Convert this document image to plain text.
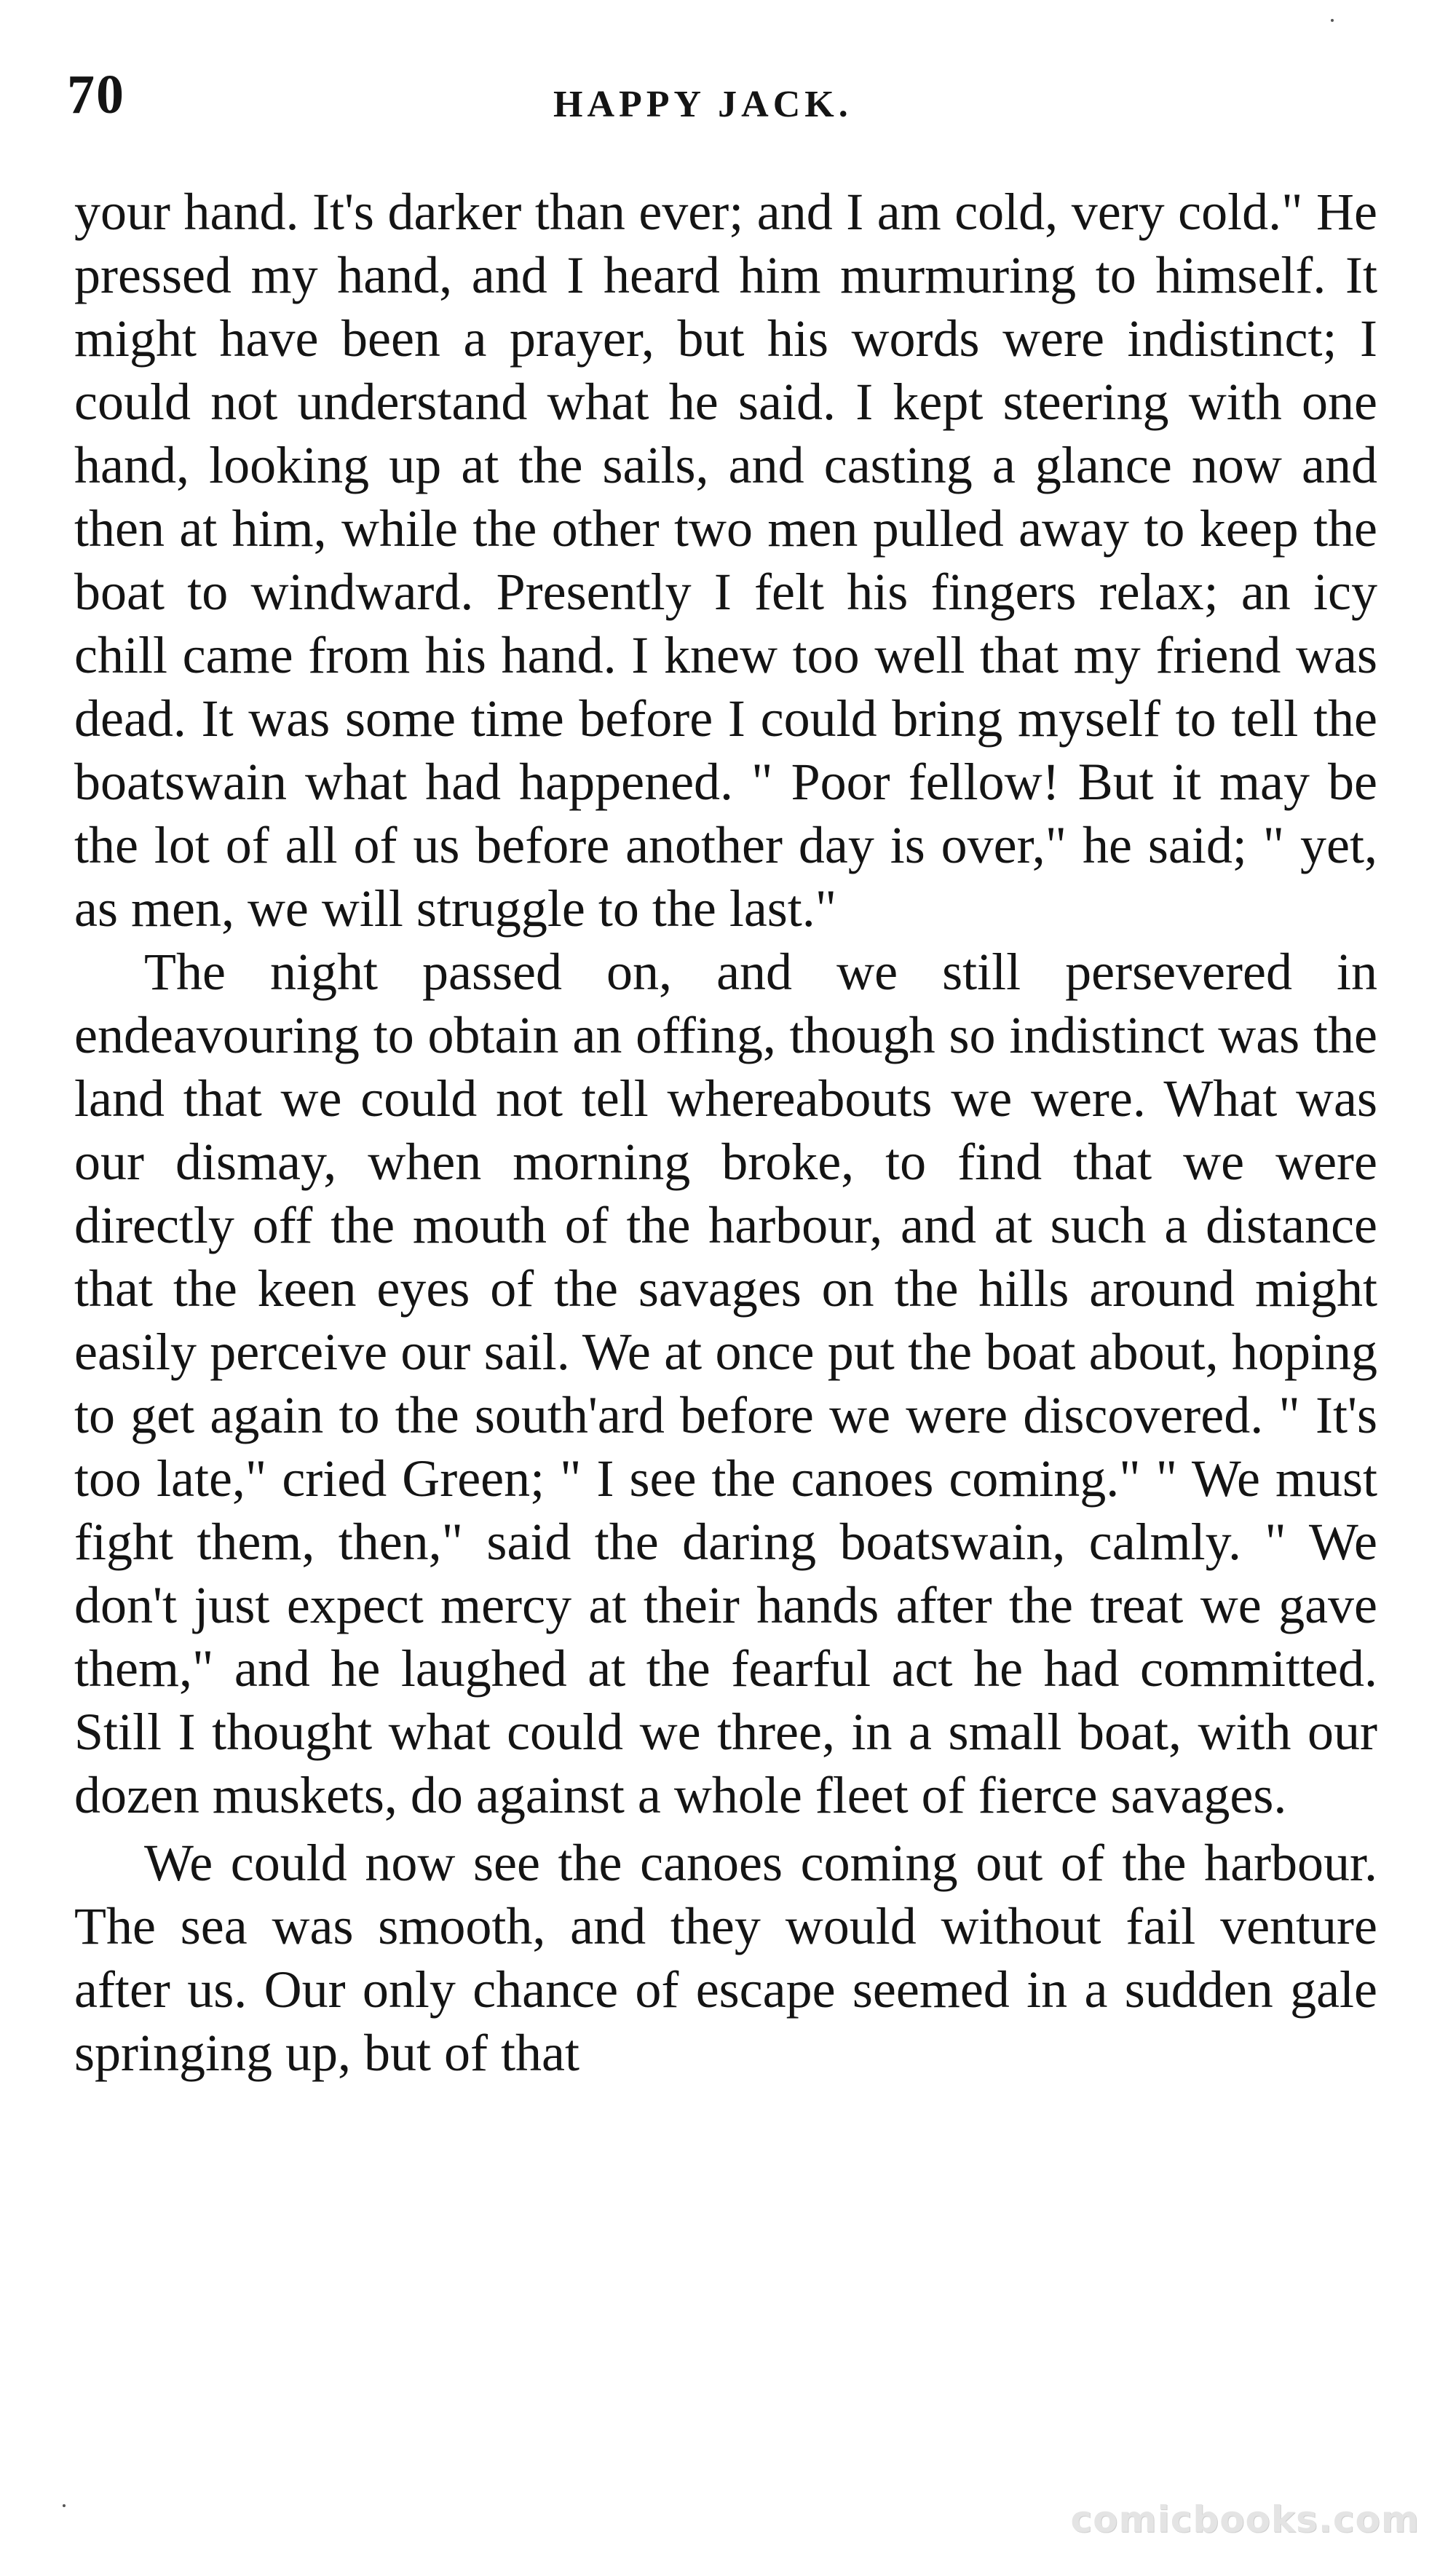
70	HAPPY JACK.

your hand. It's darker than ever; and I am cold, very cold." He pressed my hand, and I heard him murmuring to himself. It might have been a prayer, but his words were indistinct; I could not understand what he said. I kept steering with one hand, looking up at the sails, and casting a glance now and then at him, while the other two men pulled away to keep the boat to windward. Presently I felt his fingers relax; an icy chill came from his hand. I knew too well that my friend was dead. It was some time before I could bring myself to tell the boatswain what had happened. " Poor fellow! But it may be the lot of all of us before another day is over," he said; " yet, as men, we will struggle to the last."

The night passed on, and we still persevered in endeavouring to obtain an offing, though so indistinct was the land that we could not tell whereabouts we were. What was our dismay, when morning broke, to find that we were directly off the mouth of the harbour, and at such a distance that the keen eyes of the savages on the hills around might easily perceive our sail. We at once put the boat about, hoping to get again to the south'ard before we were discovered. " It's too late," cried Green; " I see the canoes coming." " We must fight them, then," said the daring boatswain, calmly. " We don't just expect mercy at their hands after the treat we gave them," and he laughed at the fearful act he had committed. Still I thought what could we three, in a small boat, with our dozen muskets, do against a whole fleet of fierce savages.

We could now see the canoes coming out of the harbour. The sea was smooth, and they would without fail venture after us. Our only chance of escape seemed in a sudden gale springing up, but of that

comicbooks.com
